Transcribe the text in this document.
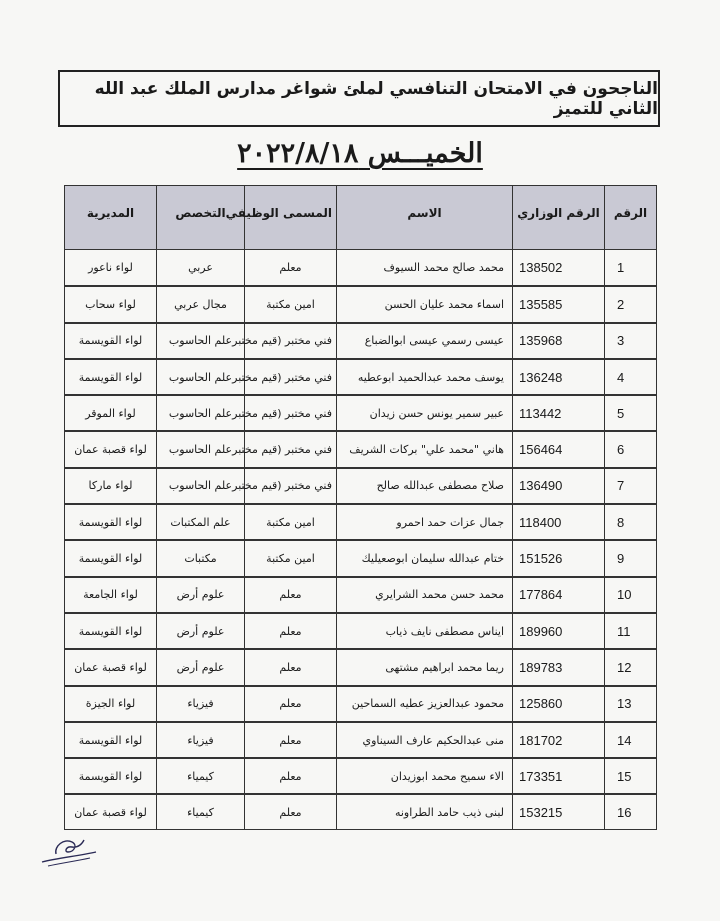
الناجحون في الامتحان التنافسي لملئ شواغر مدارس الملك عبد الله الثاني للتميز
الخميـــس ٢٠٢٢/٨/١٨
الرقم	الرقم الوزاري	الاسم	المسمى الوظيفي	التخصص	المديرية
1	138502	محمد صالح محمد السيوف	معلم	عربي	لواء ناعور
2	135585	اسماء محمد عليان الحسن	امين مكتبة	مجال عربي	لواء سحاب
3	135968	عيسى رسمي عيسى ابوالضباع	فني مختبر (قيم مختبر	علم الحاسوب	لواء القويسمة
4	136248	يوسف محمد عبدالحميد ابوعطيه	فني مختبر (قيم مختبر	علم الحاسوب	لواء القويسمة
5	113442	عبير سمير يونس حسن زيدان	فني مختبر (قيم مختبر	علم الحاسوب	لواء الموقر
6	156464	هاني "محمد علي" بركات الشريف	فني مختبر (قيم مختبر	علم الحاسوب	لواء قصبة عمان
7	136490	صلاح مصطفى عبدالله صالح	فني مختبر (قيم مختبر	علم الحاسوب	لواء ماركا
8	118400	جمال عزات حمد احمرو	امين مكتبة	علم المكتبات	لواء القويسمة
9	151526	ختام عبدالله سليمان ابوصعيليك	امين مكتبة	مكتبات	لواء القويسمة
10	177864	محمد حسن محمد الشرايري	معلم	علوم أرض	لواء الجامعة
11	189960	ايناس مصطفى نايف ذياب	معلم	علوم أرض	لواء القويسمة
12	189783	ريما محمد ابراهيم مشتهى	معلم	علوم أرض	لواء قصبة عمان
13	125860	محمود عبدالعزيز عطيه السماحين	معلم	فيزياء	لواء الجيزة
14	181702	منى عبدالحكيم عارف السيناوي	معلم	فيزياء	لواء القويسمة
15	173351	الاء سميح محمد ابوزيدان	معلم	كيمياء	لواء القويسمة
16	153215	لبنى ذيب حامد الطراونه	معلم	كيمياء	لواء قصبة عمان
